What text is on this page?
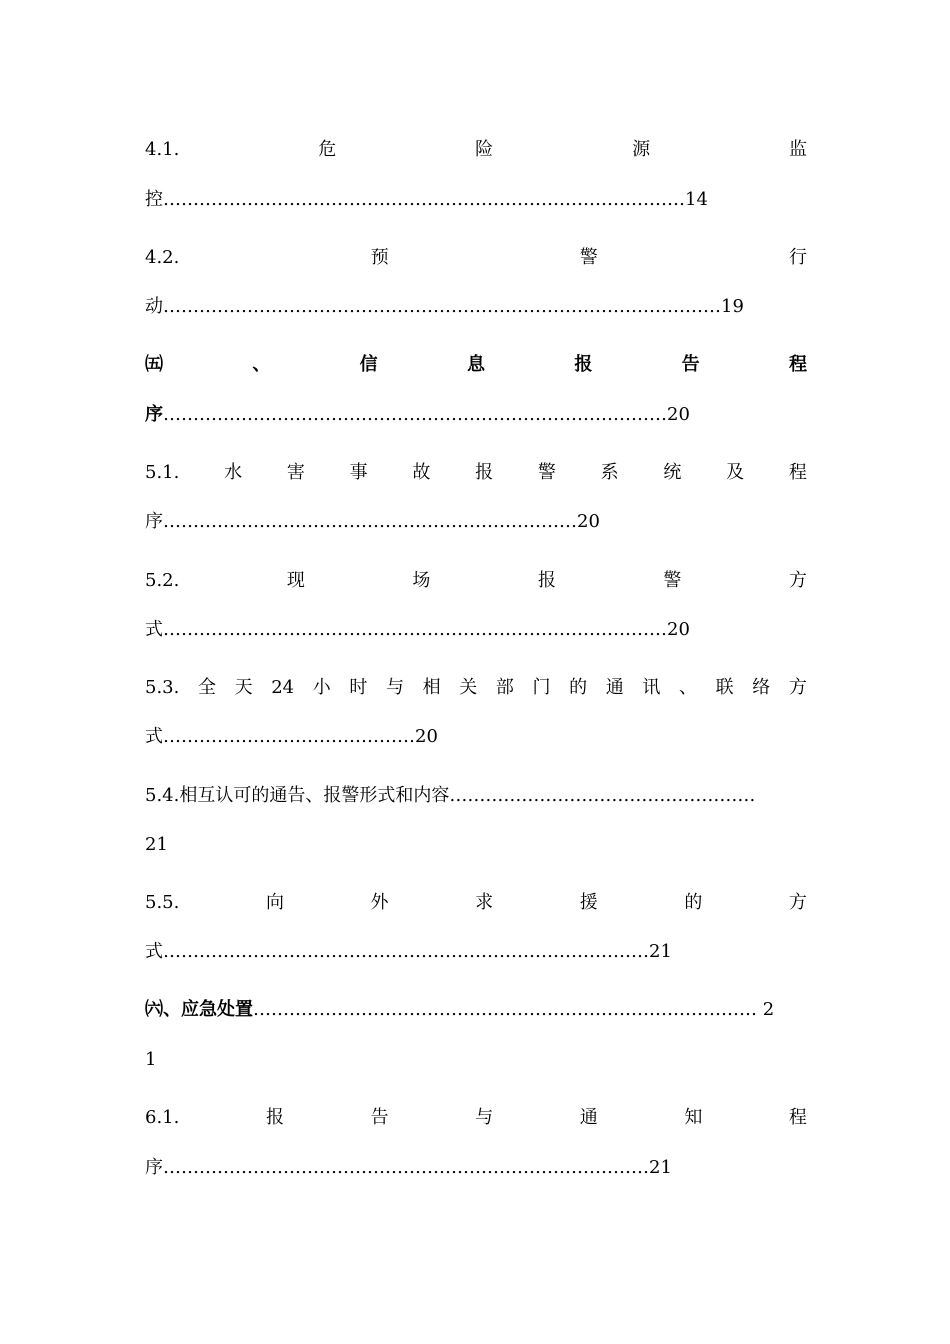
4.1.	危	险	源	监
控……………………………………………………………………………14
4.2.	预	警	行
动…………………………………………………………………………………19
㈤	、	信	息	报	告	程
序…………………………………………………………………………20
5.1. 水 害 事 故 报 警 系 统 及 程
序……………………………………………………………20
5.2.	现	场	报	警	方
式…………………………………………………………………………20
5.3. 全 天 24 小 时 与 相 关 部 门 的 通 讯 、 联 络 方
式……………………………………20
5.4.相互认可的通告、报警形式和内容……………………………………………
21
5.5.	向	外	求	援	的	方
式………………………………………………………………………21
㈥、应急处置………………………………………………………………………… 2
1
6.1.	报	告	与	通	知	程
序………………………………………………………………………21
